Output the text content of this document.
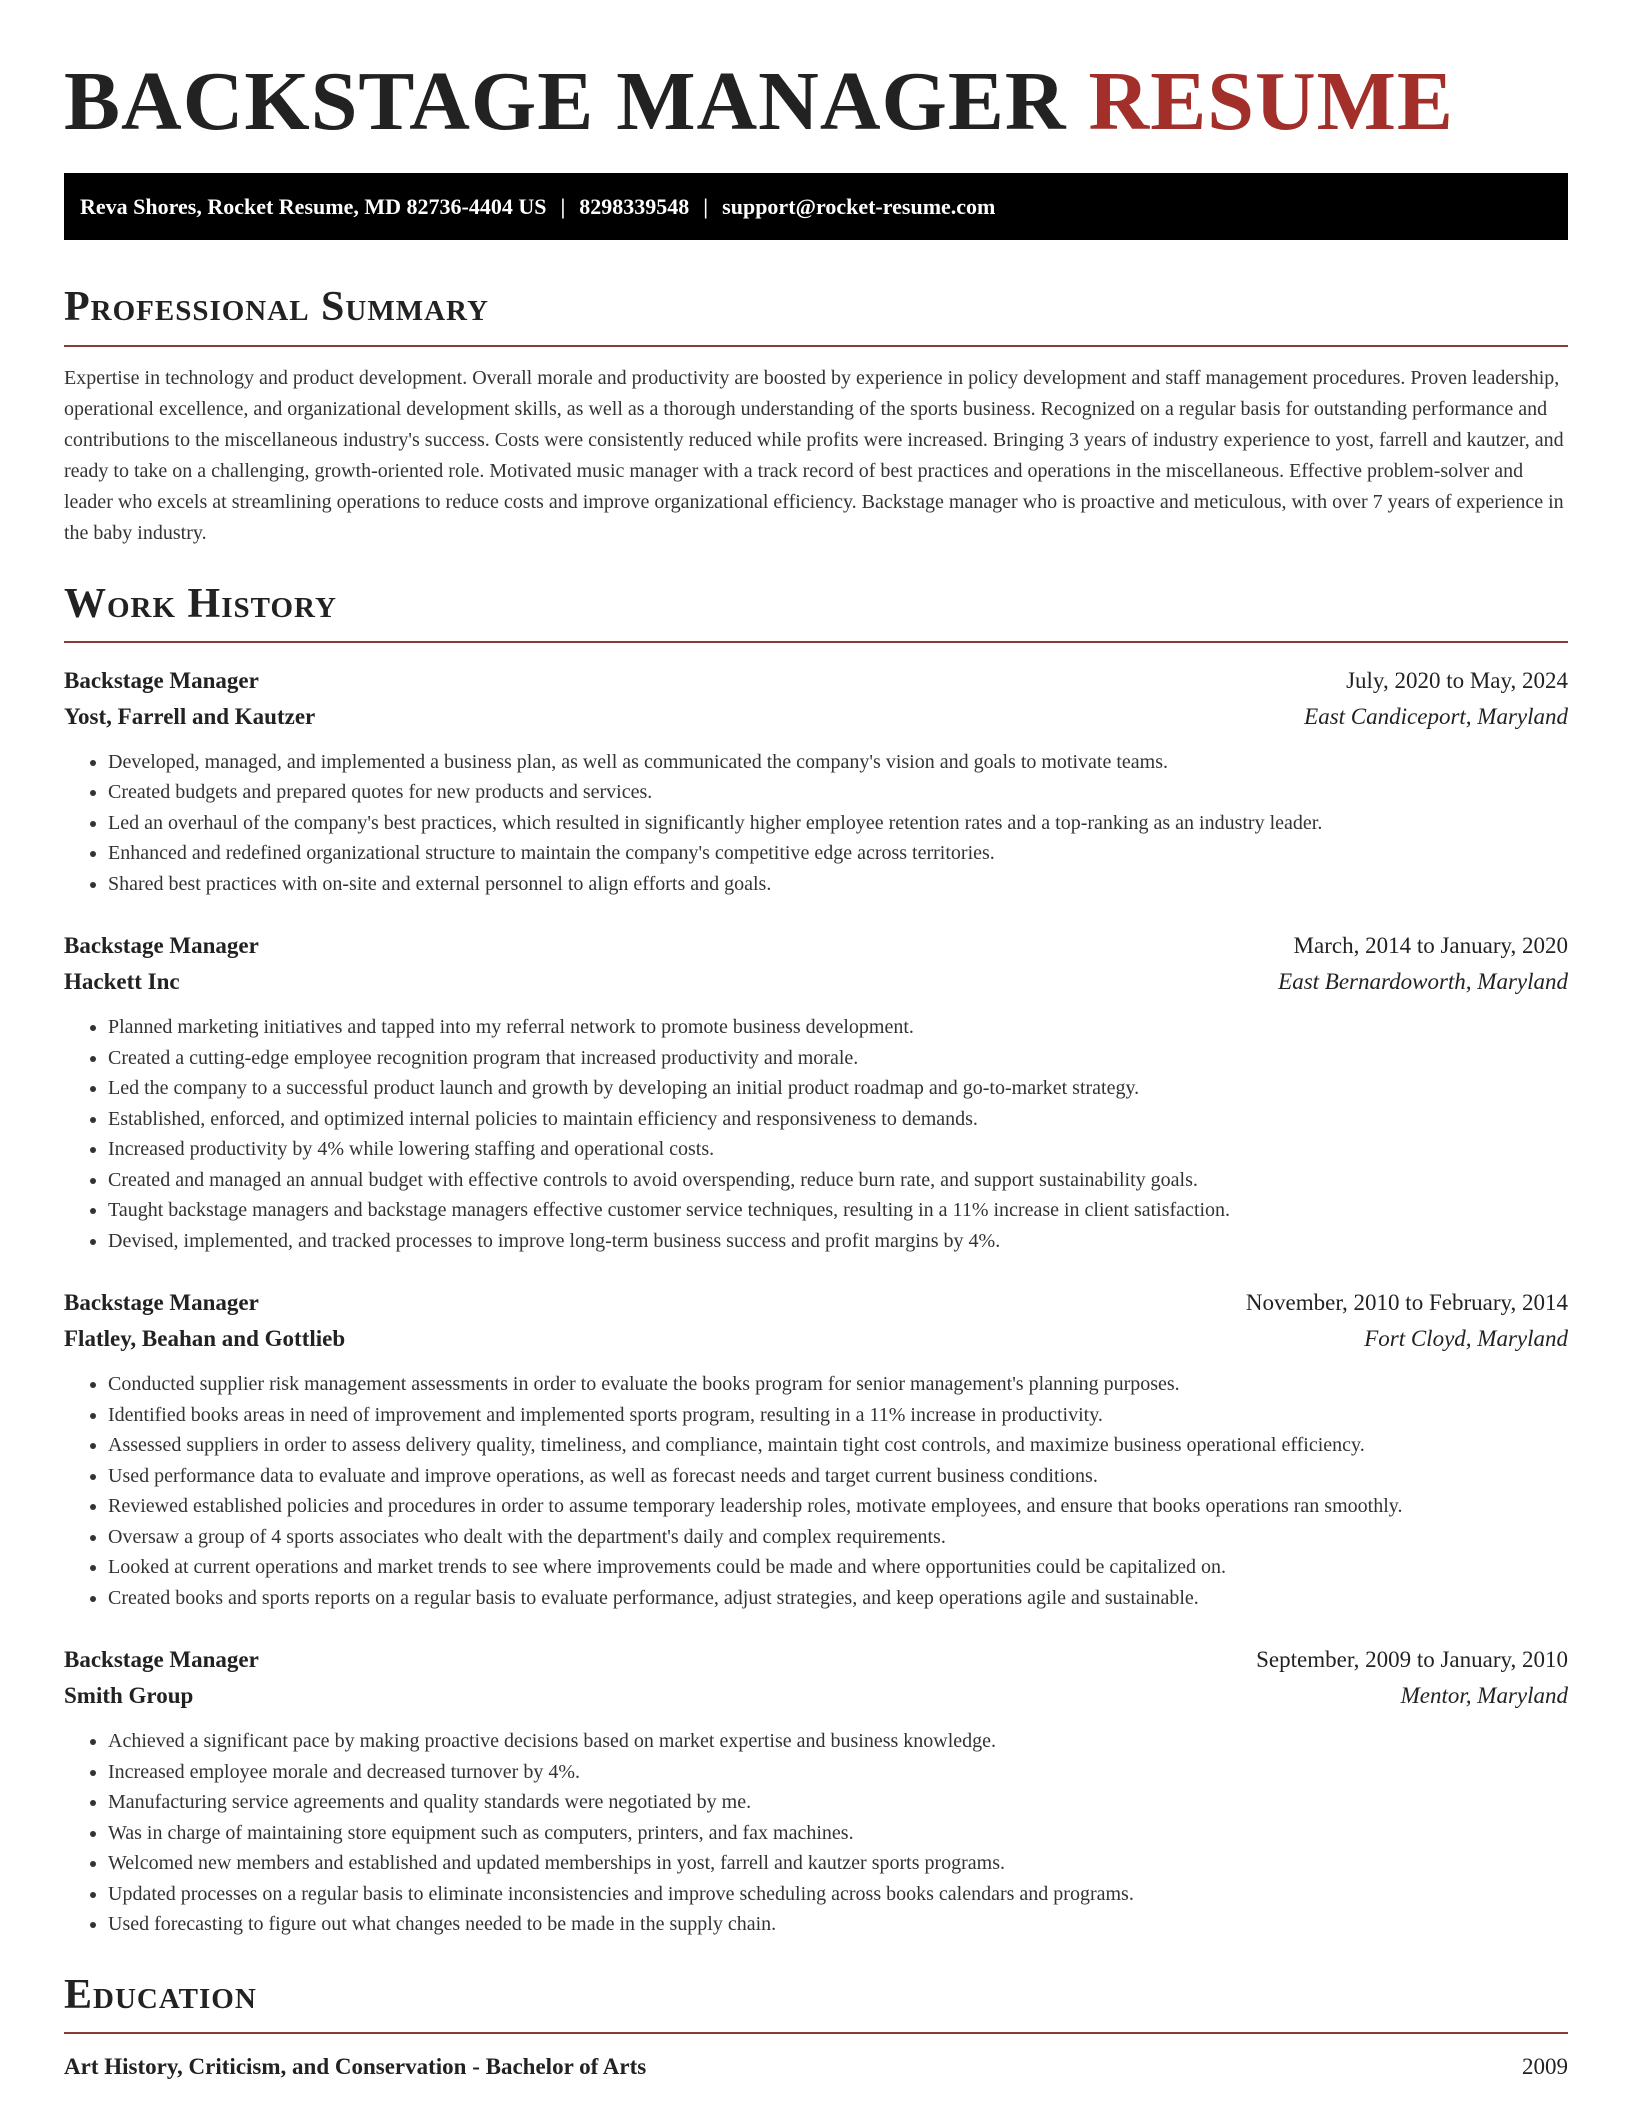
BACKSTAGE MANAGER RESUME
Reva Shores, Rocket Resume, MD 82736-4404 US | 8298339548 | support@rocket-resume.com
Professional Summary

Expertise in technology and product development. Overall morale and productivity are boosted by experience in policy development and staff management procedures. Proven leadership, operational excellence, and organizational development skills, as well as a thorough understanding of the sports business. Recognized on a regular basis for outstanding performance and contributions to the miscellaneous industry's success. Costs were consistently reduced while profits were increased. Bringing 3 years of industry experience to yost, farrell and kautzer, and ready to take on a challenging, growth-oriented role. Motivated music manager with a track record of best practices and operations in the miscellaneous. Effective problem-solver and leader who excels at streamlining operations to reduce costs and improve organizational efficiency. Backstage manager who is proactive and meticulous, with over 7 years of experience in the baby industry.

Work History
Backstage Manager	July, 2020 to May, 2024
Yost, Farrell and Kautzer	East Candiceport, Maryland
• Developed, managed, and implemented a business plan, as well as communicated the company's vision and goals to motivate teams.
• Created budgets and prepared quotes for new products and services.
• Led an overhaul of the company's best practices, which resulted in significantly higher employee retention rates and a top-ranking as an industry leader.
• Enhanced and redefined organizational structure to maintain the company's competitive edge across territories.
• Shared best practices with on-site and external personnel to align efforts and goals.
Backstage Manager	March, 2014 to January, 2020
Hackett Inc	East Bernardoworth, Maryland
• Planned marketing initiatives and tapped into my referral network to promote business development.
• Created a cutting-edge employee recognition program that increased productivity and morale.
• Led the company to a successful product launch and growth by developing an initial product roadmap and go-to-market strategy.
• Established, enforced, and optimized internal policies to maintain efficiency and responsiveness to demands.
• Increased productivity by 4% while lowering staffing and operational costs.
• Created and managed an annual budget with effective controls to avoid overspending, reduce burn rate, and support sustainability goals.
• Taught backstage managers and backstage managers effective customer service techniques, resulting in a 11% increase in client satisfaction.
• Devised, implemented, and tracked processes to improve long-term business success and profit margins by 4%.
Backstage Manager	November, 2010 to February, 2014
Flatley, Beahan and Gottlieb	Fort Cloyd, Maryland
• Conducted supplier risk management assessments in order to evaluate the books program for senior management's planning purposes.
• Identified books areas in need of improvement and implemented sports program, resulting in a 11% increase in productivity.
• Assessed suppliers in order to assess delivery quality, timeliness, and compliance, maintain tight cost controls, and maximize business operational efficiency.
• Used performance data to evaluate and improve operations, as well as forecast needs and target current business conditions.
• Reviewed established policies and procedures in order to assume temporary leadership roles, motivate employees, and ensure that books operations ran smoothly.
• Oversaw a group of 4 sports associates who dealt with the department's daily and complex requirements.
• Looked at current operations and market trends to see where improvements could be made and where opportunities could be capitalized on.
• Created books and sports reports on a regular basis to evaluate performance, adjust strategies, and keep operations agile and sustainable.
Backstage Manager	September, 2009 to January, 2010
Smith Group	Mentor, Maryland
• Achieved a significant pace by making proactive decisions based on market expertise and business knowledge.
• Increased employee morale and decreased turnover by 4%.
• Manufacturing service agreements and quality standards were negotiated by me.
• Was in charge of maintaining store equipment such as computers, printers, and fax machines.
• Welcomed new members and established and updated memberships in yost, farrell and kautzer sports programs.
• Updated processes on a regular basis to eliminate inconsistencies and improve scheduling across books calendars and programs.
• Used forecasting to figure out what changes needed to be made in the supply chain.
Education
Art History, Criticism, and Conservation - Bachelor of Arts	2009
